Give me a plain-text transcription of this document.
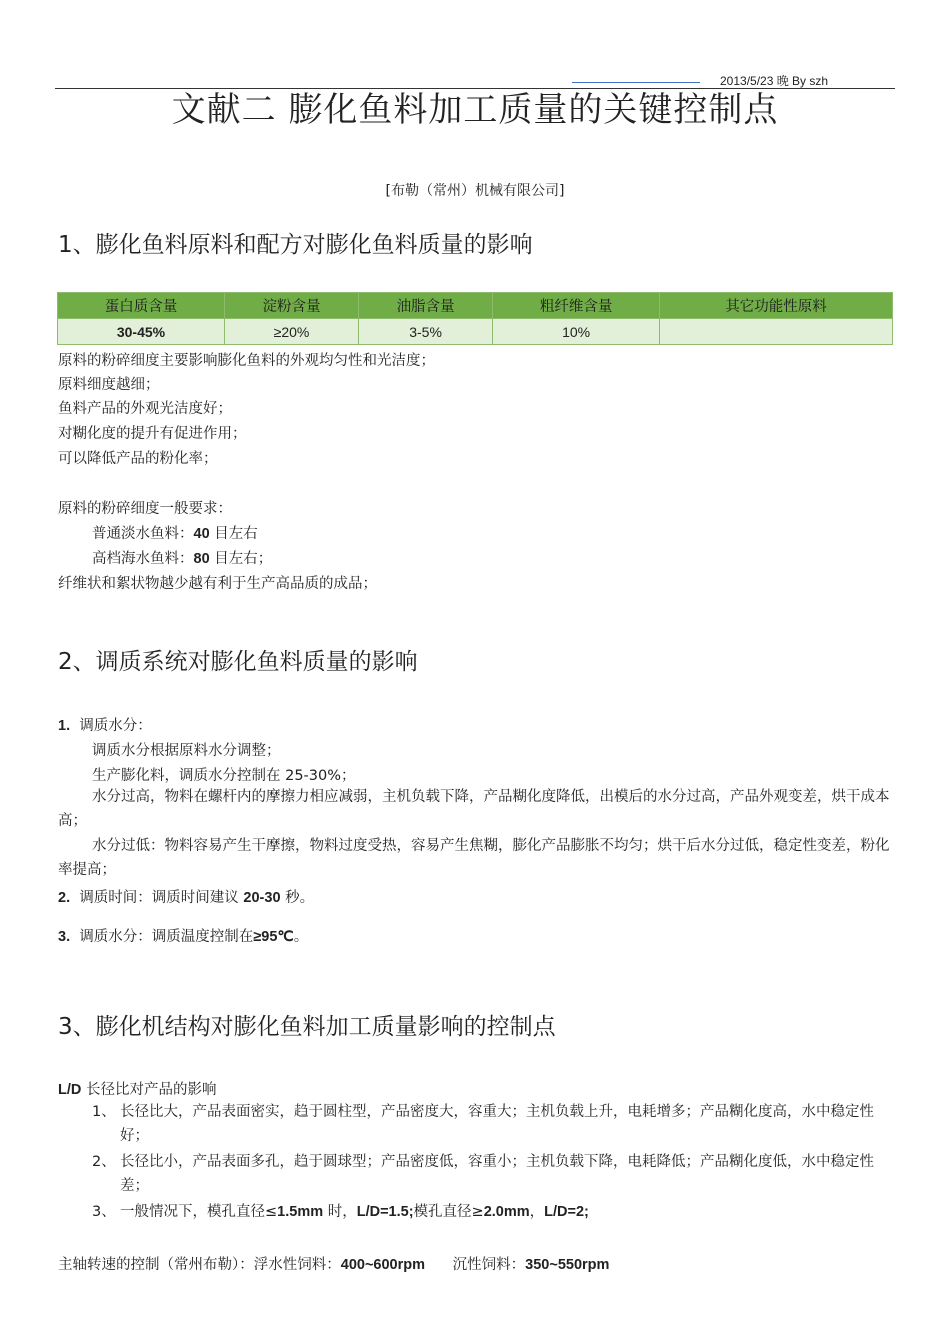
2013/5/23 晚 By szh
文献二 膨化鱼料加工质量的关键控制点
[布勒（常州）机械有限公司]
1、膨化鱼料原料和配方对膨化鱼料质量的影响
蛋白质含量	淀粉含量	油脂含量	粗纤维含量	其它功能性原料
30-45%	≥20%	3-5%	10%	
原料的粉碎细度主要影响膨化鱼料的外观均匀性和光洁度；
原料细度越细；
鱼料产品的外观光洁度好；
对糊化度的提升有促进作用；
可以降低产品的粉化率；
原料的粉碎细度一般要求：
普通淡水鱼料：40 目左右
高档海水鱼料：80 目左右；
纤维状和絮状物越少越有利于生产高品质的成品；
2、调质系统对膨化鱼料质量的影响
1. 调质水分：
调质水分根据原料水分调整；
生产膨化料，调质水分控制在 25-30%；
水分过高，物料在螺杆内的摩擦力相应减弱，主机负载下降，产品糊化度降低，出模后的水分过高，产品外观变差，烘干成本高；
水分过低：物料容易产生干摩擦，物料过度受热，容易产生焦糊，膨化产品膨胀不均匀；烘干后水分过低，稳定性变差，粉化率提高；
2. 调质时间：调质时间建议 20-30 秒。
3. 调质水分：调质温度控制在≥95℃。
3、膨化机结构对膨化鱼料加工质量影响的控制点
L/D 长径比对产品的影响
1、 长径比大，产品表面密实，趋于圆柱型，产品密度大，容重大；主机负载上升，电耗增多；产品糊化度高，水中稳定性好；
2、 长径比小，产品表面多孔，趋于圆球型；产品密度低，容重小；主机负载下降，电耗降低；产品糊化度低，水中稳定性差；
3、 一般情况下，模孔直径≤1.5mm 时，L/D=1.5;模孔直径≥2.0mm，L/D=2;
主轴转速的控制（常州布勒）：浮水性饲料：400~600rpm 沉性饲料：350~550rpm
